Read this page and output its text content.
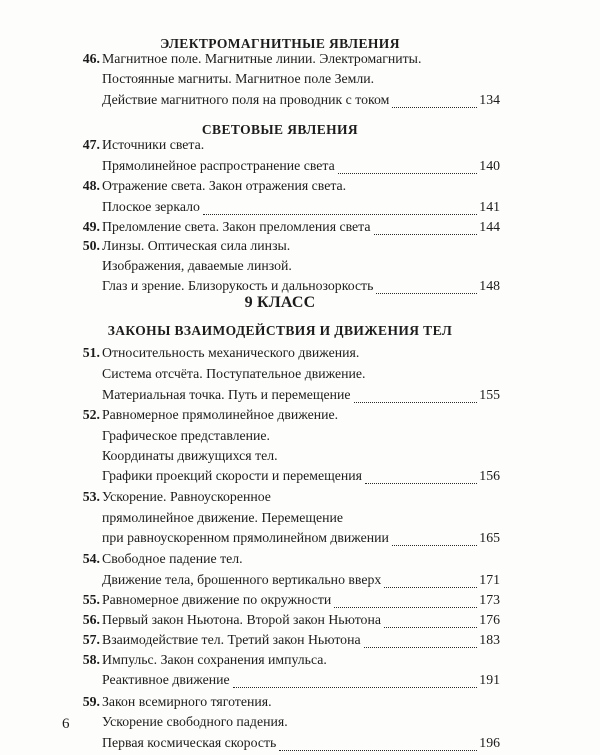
ЭЛЕКТРОМАГНИТНЫЕ ЯВЛЕНИЯ
СВЕТОВЫЕ ЯВЛЕНИЯ
9 КЛАСС
ЗАКОНЫ ВЗАИМОДЕЙСТВИЯ И ДВИЖЕНИЯ ТЕЛ
46. Магнитное поле. Магнитные линии. Электромагниты.
Постоянные магниты. Магнитное поле Земли.
Действие магнитного поля на проводник с током	134
47. Источники света.
Прямолинейное распространение света	140
48. Отражение света. Закон отражения света.
Плоское зеркало	141
49. Преломление света. Закон преломления света	144
50. Линзы. Оптическая сила линзы.
Изображения, даваемые линзой.
Глаз и зрение. Близорукость и дальнозоркость	148
51. Относительность механического движения.
Система отсчёта. Поступательное движение.
Материальная точка. Путь и перемещение	155
52. Равномерное прямолинейное движение.
Графическое представление.
Координаты движущихся тел.
Графики проекций скорости и перемещения	156
53. Ускорение. Равноускоренное
прямолинейное движение. Перемещение
при равноускоренном прямолинейном движении	165
54. Свободное падение тел.
Движение тела, брошенного вертикально вверх	171
55. Равномерное движение по окружности	173
56. Первый закон Ньютона. Второй закон Ньютона	176
57. Взаимодействие тел. Третий закон Ньютона	183
58. Импульс. Закон сохранения импульса.
Реактивное движение	191
59. Закон всемирного тяготения.
Ускорение свободного падения.
Первая космическая скорость	196
6
